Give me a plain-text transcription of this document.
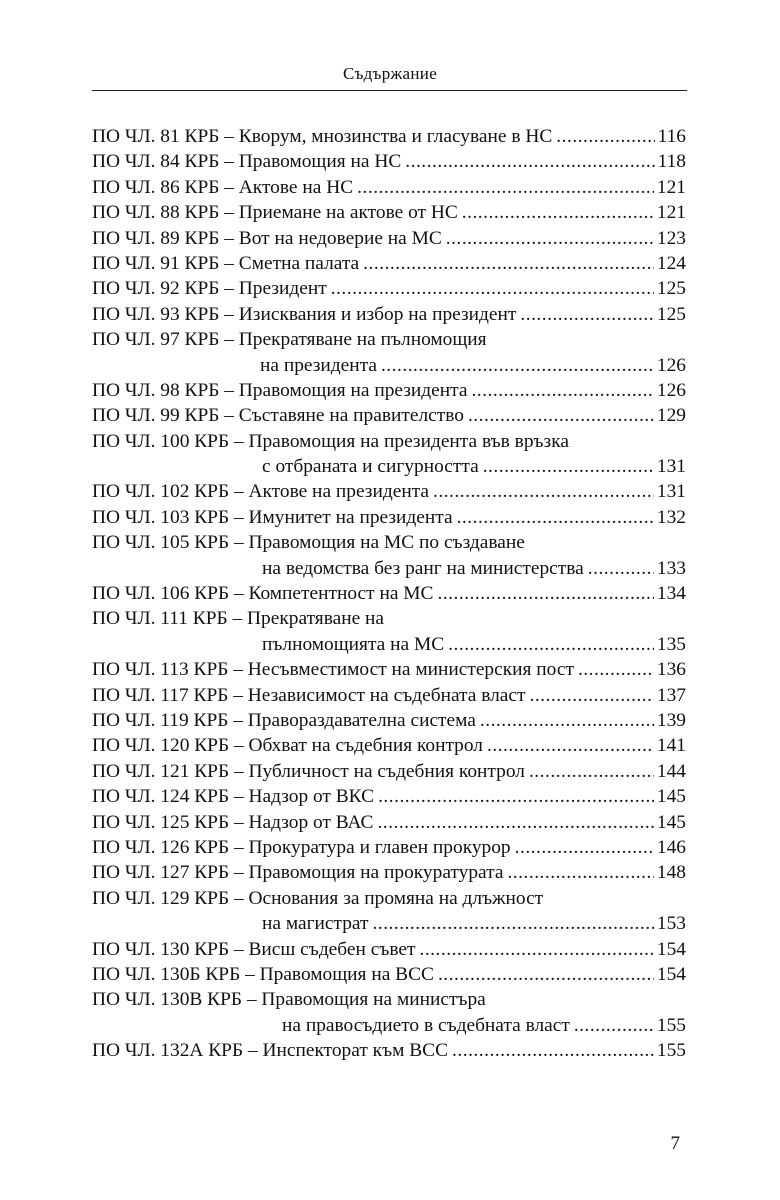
Съдържание
ПО ЧЛ. 81 КРБ – Кворум, мнозинства и гласуване в НС .....	116
ПО ЧЛ. 84 КРБ – Правомощия на НС .....	118
ПО ЧЛ. 86 КРБ – Актове на НС .....	121
ПО ЧЛ. 88 КРБ – Приемане на актове от НС .....	121
ПО ЧЛ. 89 КРБ – Вот на недоверие на МС .....	123
ПО ЧЛ. 91 КРБ – Сметна палата .....	124
ПО ЧЛ. 92 КРБ – Президент .....	125
ПО ЧЛ. 93 КРБ – Изисквания и избор на президент .....	125
ПО ЧЛ. 97 КРБ – Прекратяване на пълномощия
на президента .....	126
ПО ЧЛ. 98 КРБ – Правомощия на президента .....	126
ПО ЧЛ. 99 КРБ – Съставяне на правителство .....	129
ПО ЧЛ. 100 КРБ – Правомощия на президента във връзка
с отбраната и сигурността .....	131
ПО ЧЛ. 102 КРБ – Актове на президента .....	131
ПО ЧЛ. 103 КРБ – Имунитет на президента .....	132
ПО ЧЛ. 105 КРБ – Правомощия на МС по създаване
на ведомства без ранг на министерства .....	133
ПО ЧЛ. 106 КРБ – Компетентност на МС .....	134
ПО ЧЛ. 111 КРБ – Прекратяване на
пълномощията на МС .....	135
ПО ЧЛ. 113 КРБ – Несъвместимост на министерския пост .....	136
ПО ЧЛ. 117 КРБ – Независимост на съдебната власт .....	137
ПО ЧЛ. 119 КРБ – Правораздавателна система .....	139
ПО ЧЛ. 120 КРБ – Обхват на съдебния контрол .....	141
ПО ЧЛ. 121 КРБ – Публичност на съдебния контрол .....	144
ПО ЧЛ. 124 КРБ – Надзор от ВКС .....	145
ПО ЧЛ. 125 КРБ – Надзор от ВАС .....	145
ПО ЧЛ. 126 КРБ – Прокуратура и главен прокурор .....	146
ПО ЧЛ. 127 КРБ – Правомощия на прокуратурата .....	148
ПО ЧЛ. 129 КРБ – Основания за промяна на длъжност
на магистрат .....	153
ПО ЧЛ. 130 КРБ – Висш съдебен съвет .....	154
ПО ЧЛ. 130Б КРБ – Правомощия на ВСС .....	154
ПО ЧЛ. 130В КРБ – Правомощия на министъра
на правосъдието в съдебната власт .....	155
ПО ЧЛ. 132А КРБ – Инспекторат към ВСС .....	155
7
